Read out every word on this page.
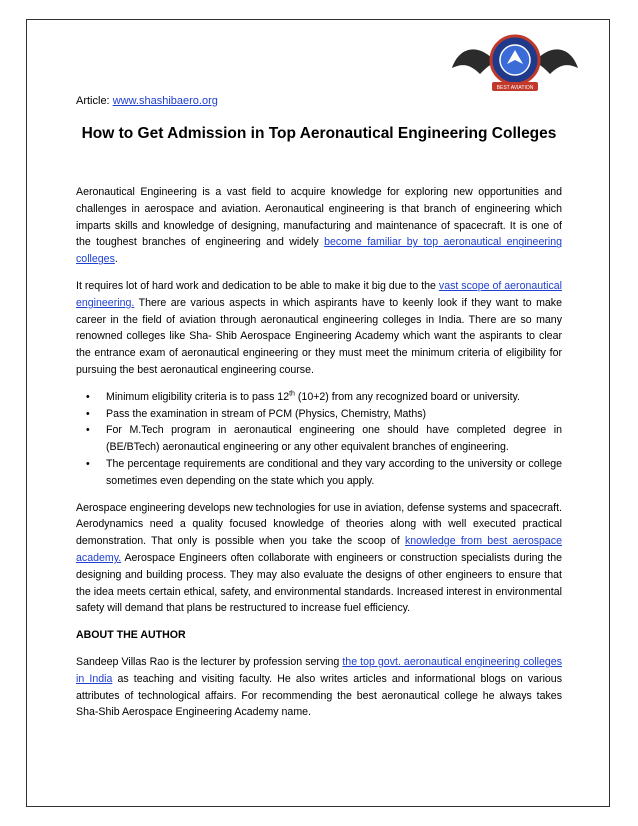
BEST AVIATION
Article: www.shashibaero.org
How to Get Admission in Top Aeronautical Engineering Colleges

Aeronautical Engineering is a vast field to acquire knowledge for exploring new opportunities and challenges in aerospace and aviation. Aeronautical engineering is that branch of engineering which imparts skills and knowledge of designing, manufacturing and maintenance of spacecraft. It is one of the toughest branches of engineering and widely become familiar by top aeronautical engineering colleges.

It requires lot of hard work and dedication to be able to make it big due to the vast scope of aeronautical engineering. There are various aspects in which aspirants have to keenly look if they want to make career in the field of aviation through aeronautical engineering colleges in India. There are so many renowned colleges like Sha- Shib Aerospace Engineering Academy which want the aspirants to clear the entrance exam of aeronautical engineering or they must meet the minimum criteria of eligibility for pursuing the best aeronautical engineering course.

• Minimum eligibility criteria is to pass 12th (10+2) from any recognized board or university.
• Pass the examination in stream of PCM (Physics, Chemistry, Maths)
• For M.Tech program in aeronautical engineering one should have completed degree in (BE/BTech) aeronautical engineering or any other equivalent branches of engineering.
• The percentage requirements are conditional and they vary according to the university or college sometimes even depending on the state which you apply.

Aerospace engineering develops new technologies for use in aviation, defense systems and spacecraft. Aerodynamics need a quality focused knowledge of theories along with well executed practical demonstration. That only is possible when you take the scoop of knowledge from best aerospace academy. Aerospace Engineers often collaborate with engineers or construction specialists during the designing and building process. They may also evaluate the designs of other engineers to ensure that the idea meets certain ethical, safety, and environmental standards. Increased interest in environmental safety will demand that plans be restructured to increase fuel efficiency.

ABOUT THE AUTHOR

Sandeep Villas Rao is the lecturer by profession serving the top govt. aeronautical engineering colleges in India as teaching and visiting faculty. He also writes articles and informational blogs on various attributes of technological affairs. For recommending the best aeronautical college he always takes Sha-Shib Aerospace Engineering Academy name.
